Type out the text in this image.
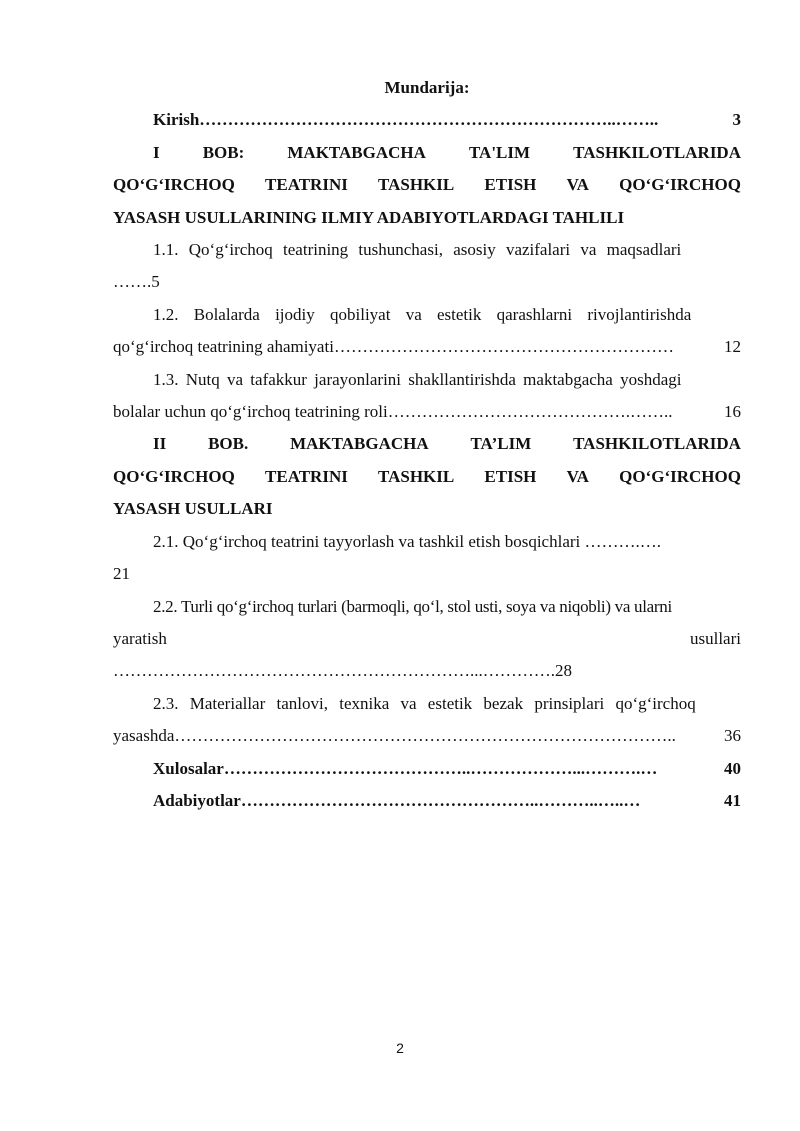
Mundarija:
Kirish ………………………………………………………………..……..	3
I	BOB:	MAKTABGACHA	TA'LIM	TASHKILOTLARIDA
QO‘G‘IRCHOQ TEATRINI TASHKIL ETISH VA QO‘G‘IRCHOQ
YASASH USULLARINING ILMIY ADABIYOTLARDAGI TAHLILI
1.1. Qo‘g‘irchoq teatrining tushunchasi, asosiy vazifalari va maqsadlari
…….5
1.2. Bolalarda ijodiy qobiliyat va estetik qarashlarni rivojlantirishda
qo‘g‘irchoq teatrining ahamiyati ……………………………………………………	12
1.3. Nutq va tafakkur jarayonlarini shakllantirishda maktabgacha yoshdagi
bolalar uchun qo‘g‘irchoq teatrining roli …………………………………….……..	16
II BOB. MAKTABGACHA TA’LIM TASHKILOTLARIDA
QO‘G‘IRCHOQ TEATRINI TASHKIL ETISH VA QO‘G‘IRCHOQ
YASASH USULLARI
2.1. Qo‘g‘irchoq teatrini tayyorlash va tashkil etish bosqichlari ……….….
21
2.2. Turli qo‘g‘irchoq turlari (barmoqli, qo‘l, stol usti, soya va niqobli) va ularni
yaratish	usullari
………………………………………………………...………….28
2.3. Materiallar tanlovi, texnika va estetik bezak prinsiplari qo‘g‘irchoq
yasashda ……………………………………………………………………………..	36
Xulosalar ……………………………………..………………...……….…	40
Adabiyotlar ……………………………………………..………..…..…	41
2
